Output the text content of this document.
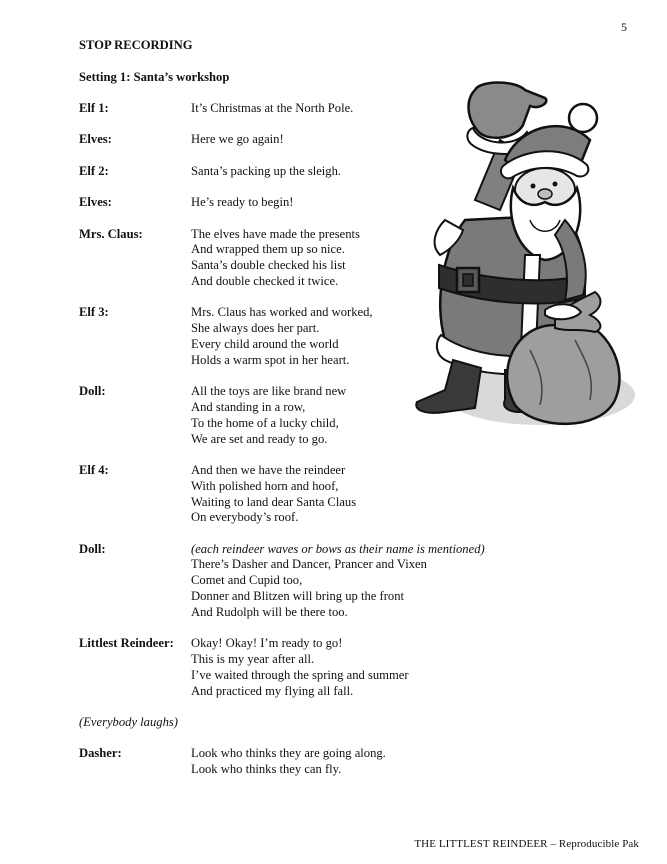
5
STOP RECORDING
Setting 1: Santa’s workshop
Elf 1:	It’s Christmas at the North Pole.
Elves:	Here we go again!
Elf 2:	Santa’s packing up the sleigh.
Elves:	He’s ready to begin!
Mrs. Claus:	The elves have made the presents
And wrapped them up so nice.
Santa’s double checked his list
And double checked it twice.
Elf 3:	Mrs. Claus has worked and worked,
She always does her part.
Every child around the world
Holds a warm spot in her heart.
Doll:	All the toys are like brand new
And standing in a row,
To the home of a lucky child,
We are set and ready to go.
Elf 4:	And then we have the reindeer
With polished horn and hoof,
Waiting to land dear Santa Claus
On everybody’s roof.
Doll:	(each reindeer waves or bows as their name is mentioned)
There’s Dasher and Dancer, Prancer and Vixen
Comet and Cupid too,
Donner and Blitzen will bring up the front
And Rudolph will be there too.
Littlest Reindeer:	Okay! Okay! I’m ready to go!
This is my year after all.
I’ve waited through the spring and summer
And practiced my flying all fall.
(Everybody laughs)
Dasher:	Look who thinks they are going along.
Look who thinks they can fly.
THE LITTLEST REINDEER – Reproducible Pak
